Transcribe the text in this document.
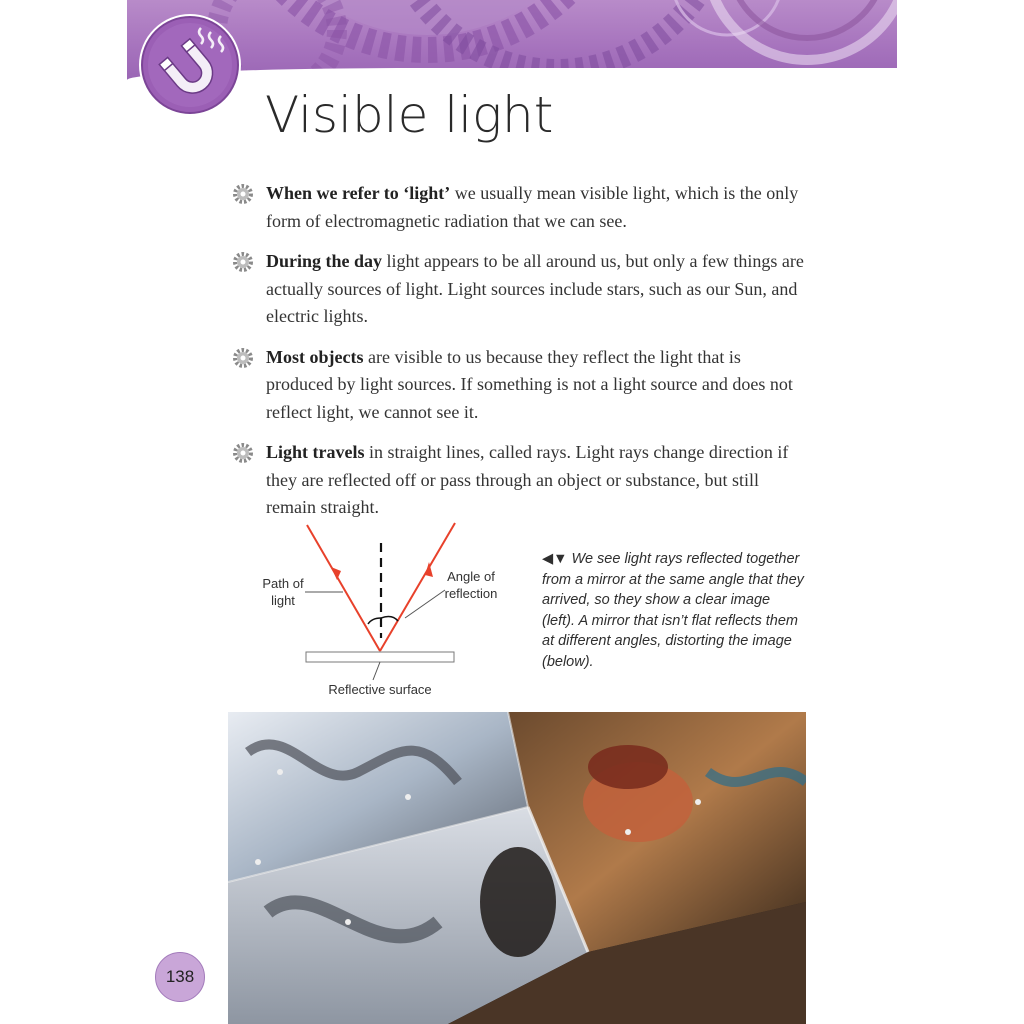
Visible light

When we refer to ‘light’ we usually mean visible light, which is the only form of electromagnetic radiation that we can see.

During the day light appears to be all around us, but only a few things are actually sources of light. Light sources include stars, such as our Sun, and electric lights.

Most objects are visible to us because they reflect the light that is produced by light sources. If something is not a light source and does not reflect light, we cannot see it.

Light travels in straight lines, called rays. Light rays change direction if they are reflected off or pass through an object or substance, but still remain straight.

Path of
light
Angle of
reflection
Reflective surface
◀▼ We see light rays reflected together from a mirror at the same angle that they arrived, so they show a clear image (left). A mirror that isn’t flat reflects them at different angles, distorting the image (below).
138
